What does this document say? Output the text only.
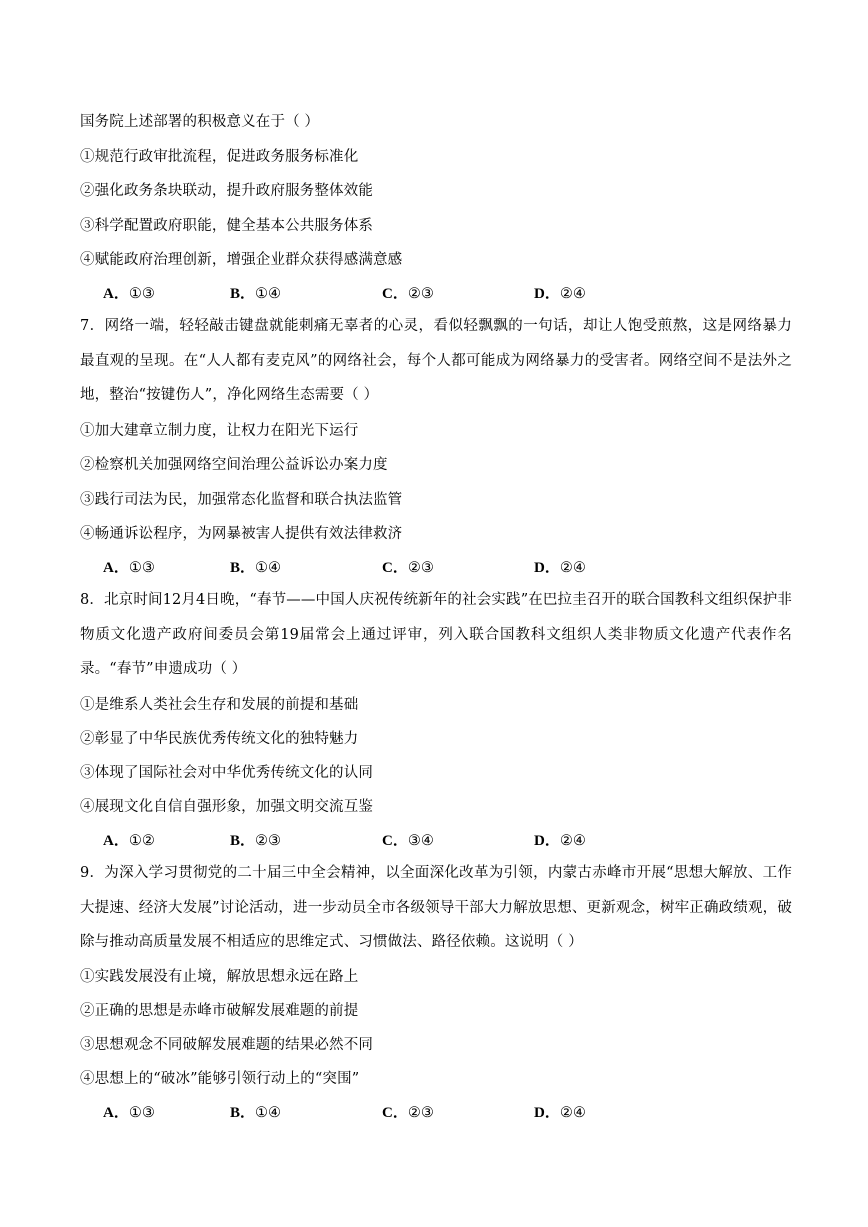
国务院上述部署的积极意义在于（ ）
①规范行政审批流程，促进政务服务标准化
②强化政务条块联动，提升政府服务整体效能
③科学配置政府职能，健全基本公共服务体系
④赋能政府治理创新，增强企业群众获得感满意感
A．①③	B．①④	C．②③	D．②④
7．网络一端，轻轻敲击键盘就能刺痛无辜者的心灵，看似轻飘飘的一句话，却让人饱受煎熬，这是网络暴力最直观的呈现。在“人人都有麦克风”的网络社会，每个人都可能成为网络暴力的受害者。网络空间不是法外之地，整治“按键伤人”，净化网络生态需要（ ）
①加大建章立制力度，让权力在阳光下运行
②检察机关加强网络空间治理公益诉讼办案力度
③践行司法为民，加强常态化监督和联合执法监管
④畅通诉讼程序，为网暴被害人提供有效法律救济
A．①③	B．①④	C．②③	D．②④
8．北京时间12月4日晚，“春节——中国人庆祝传统新年的社会实践”在巴拉圭召开的联合国教科文组织保护非物质文化遗产政府间委员会第19届常会上通过评审，列入联合国教科文组织人类非物质文化遗产代表作名录。“春节”申遗成功（ ）
①是维系人类社会生存和发展的前提和基础
②彰显了中华民族优秀传统文化的独特魅力
③体现了国际社会对中华优秀传统文化的认同
④展现文化自信自强形象，加强文明交流互鉴
A．①②	B．②③	C．③④	D．②④
9．为深入学习贯彻党的二十届三中全会精神，以全面深化改革为引领，内蒙古赤峰市开展“思想大解放、工作大提速、经济大发展”讨论活动，进一步动员全市各级领导干部大力解放思想、更新观念，树牢正确政绩观，破除与推动高质量发展不相适应的思维定式、习惯做法、路径依赖。这说明（ ）
①实践发展没有止境，解放思想永远在路上
②正确的思想是赤峰市破解发展难题的前提
③思想观念不同破解发展难题的结果必然不同
④思想上的“破冰”能够引领行动上的“突围”
A．①③	B．①④	C．②③	D．②④
